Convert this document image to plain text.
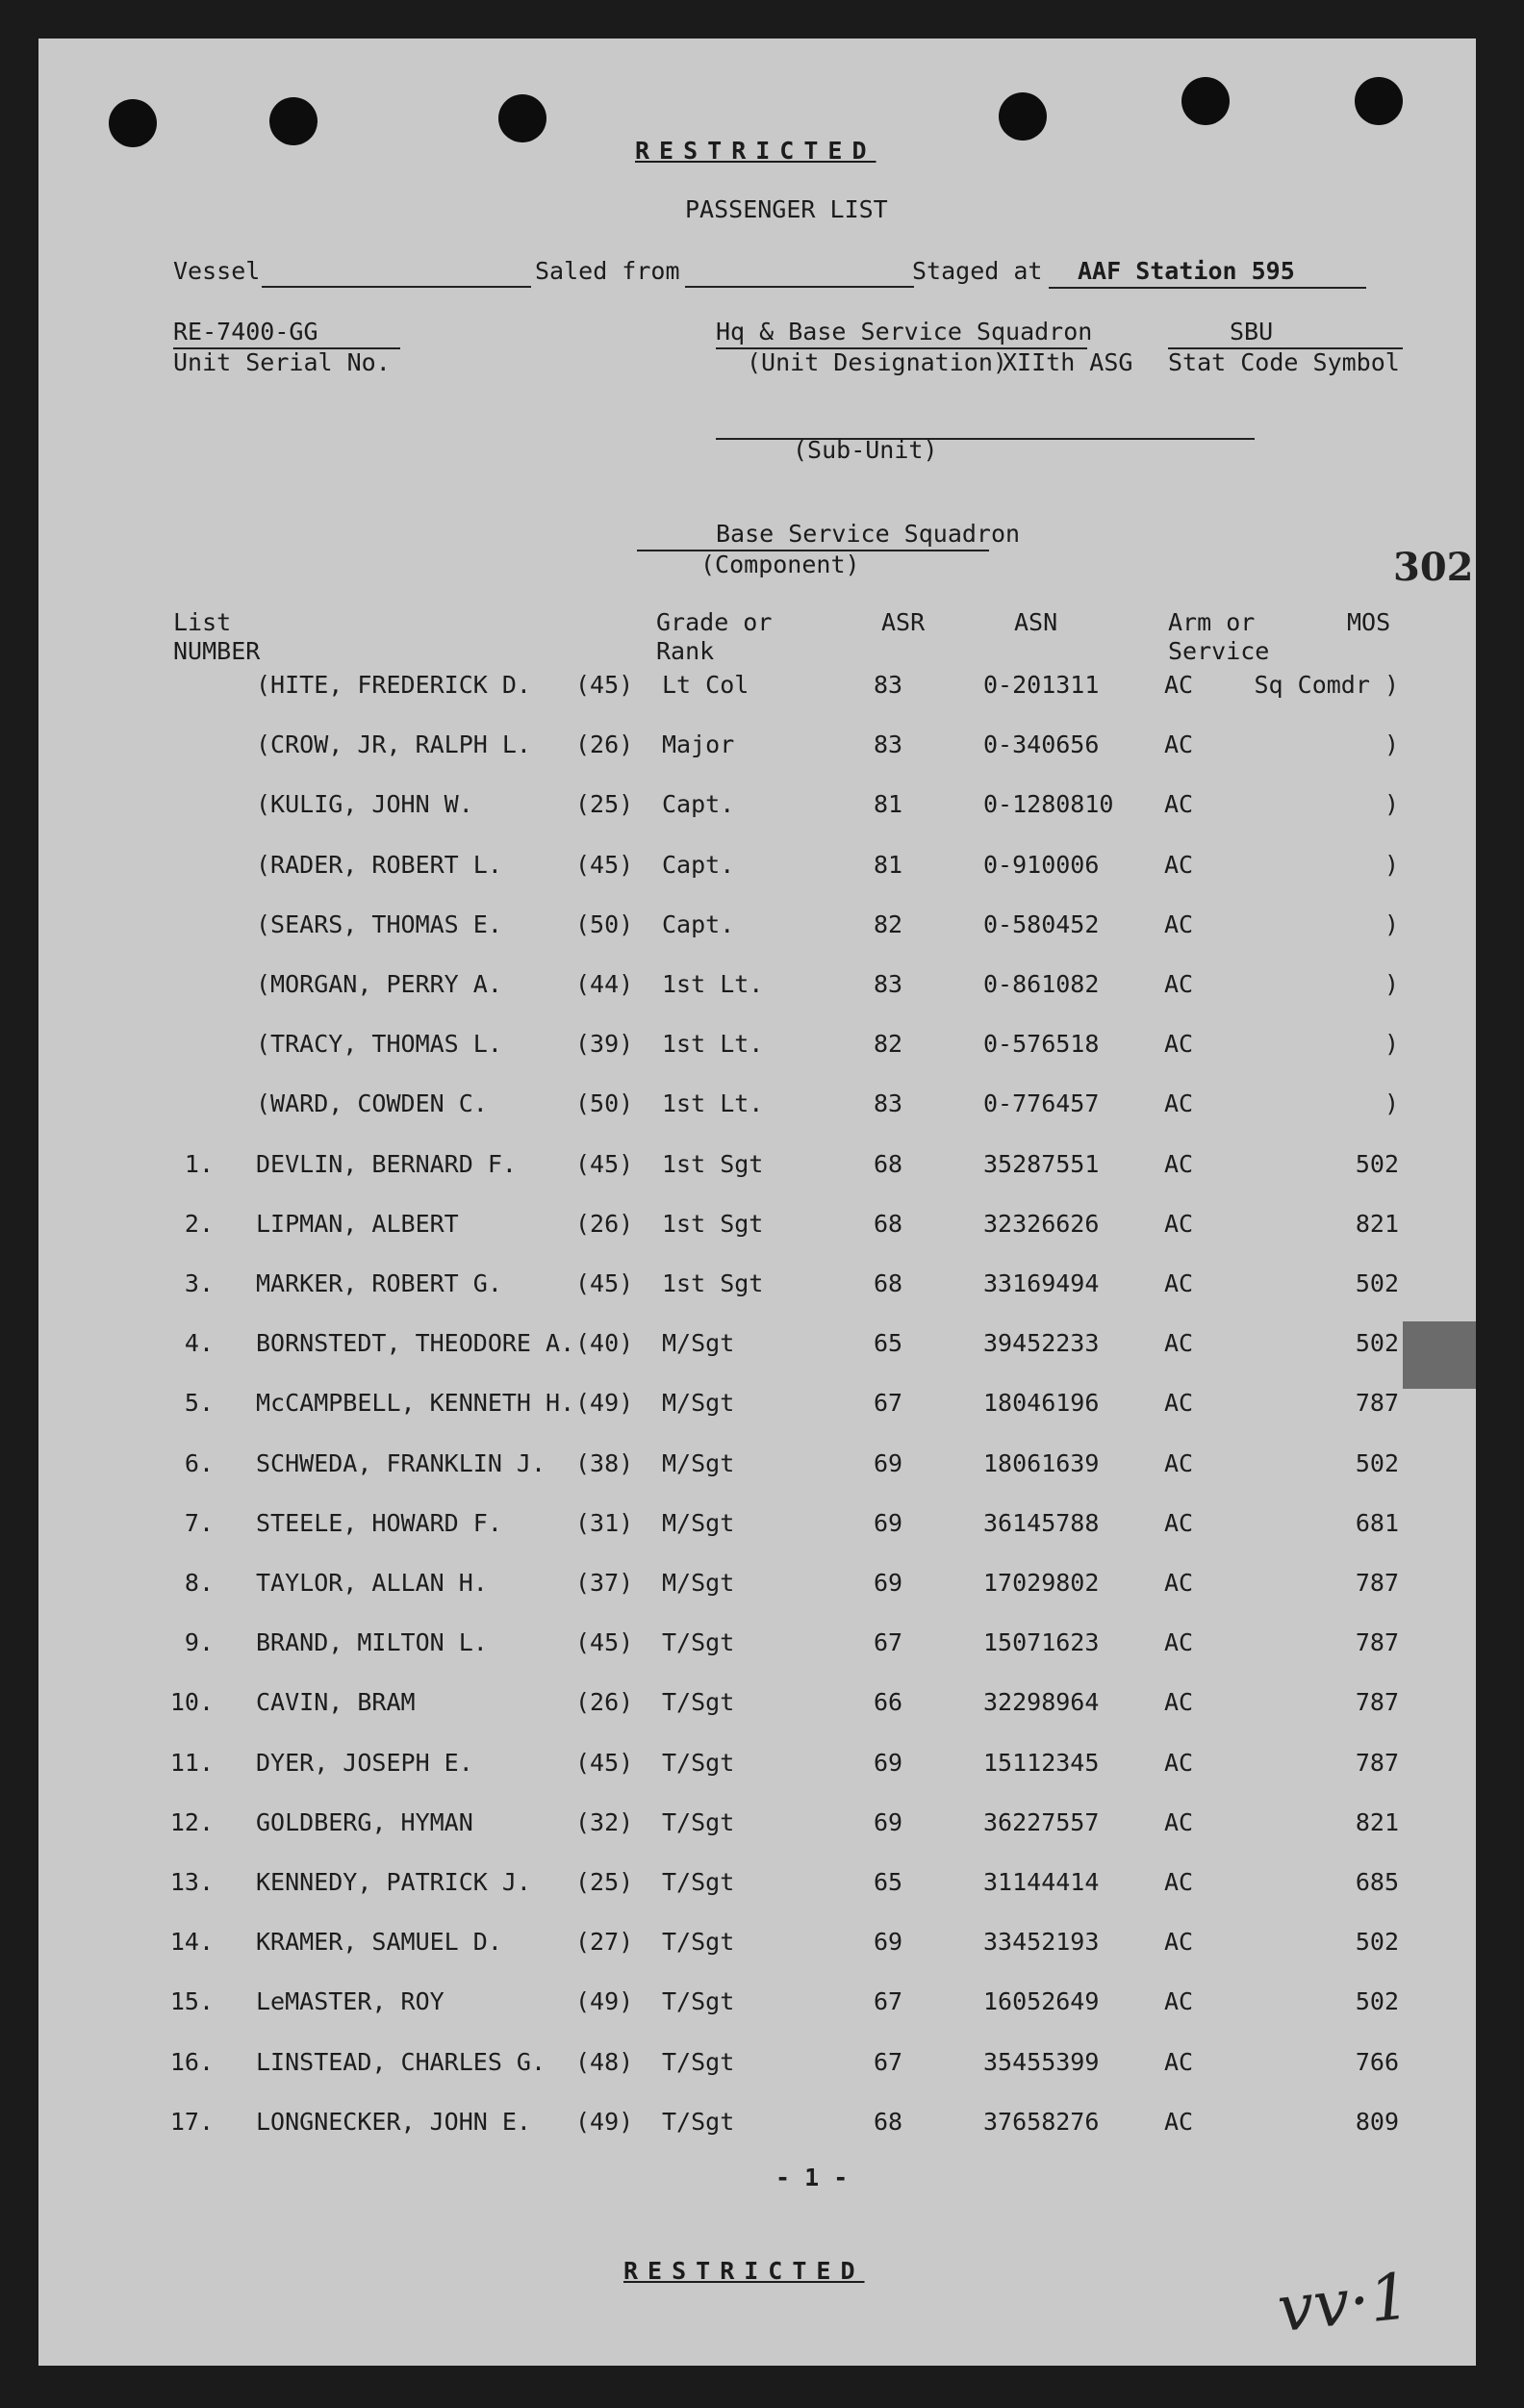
RESTRICTED
PASSENGER LIST
Vessel	Saled from	Staged at AAF Station 595
RE-7400-GG
Unit Serial No.
Hq & Base Service Squadron
(Unit Designation)
XIIth ASG
SBU
Stat Code Symbol
(Sub-Unit)
Base Service Squadron
(Component)	302
List
NUMBER
Grade or
Rank
ASR	ASN	Arm or
Service
MOS
(HITE, FREDERICK D. (45) Lt Col	83	0-201311	AC	Sq Comdr )
(CROW, JR, RALPH L. (26) Major	83	0-340656	AC	)
(KULIG, JOHN W.	(25) Capt.	81	0-1280810 AC	)
(RADER, ROBERT L.	(45) Capt.	81	0-910006	AC	)
(SEARS, THOMAS E.	(50) Capt.	82	0-580452	AC	)
(MORGAN, PERRY A.	(44) 1st Lt.	83	0-861082	AC	)
(TRACY, THOMAS L.	(39) 1st Lt.	82	0-576518	AC	)
(WARD, COWDEN C.	(50) 1st Lt.	83	0-776457	AC	)
1. DEVLIN, BERNARD F. (45) 1st Sgt	68	35287551	AC	502
2. LIPMAN, ALBERT	(26) 1st Sgt	68	32326626	AC	821
3. MARKER, ROBERT G.	(45) 1st Sgt	68	33169494	AC	502
4. BORNSTEDT, THEODORE A. (40) M/Sgt	65	39452233	AC	502
5. McCAMPBELL, KENNETH H. (49) M/Sgt	67	18046196	AC	787
6. SCHWEDA, FRANKLIN J. (38) M/Sgt	69	18061639	AC	502
7. STEELE, HOWARD F.	(31) M/Sgt	69	36145788	AC	681
8. TAYLOR, ALLAN H.	(37) M/Sgt	69	17029802	AC	787
9. BRAND, MILTON L.	(45) T/Sgt	67	15071623	AC	787
10. CAVIN, BRAM	(26) T/Sgt	66	32298964	AC	787
11. DYER, JOSEPH E.	(45) T/Sgt	69	15112345	AC	787
12. GOLDBERG, HYMAN	(32) T/Sgt	69	36227557	AC	821
13. KENNEDY, PATRICK J. (25) T/Sgt	65	31144414	AC	685
14. KRAMER, SAMUEL D.	(27) T/Sgt	69	33452193	AC	502
15. LeMASTER, ROY	(49) T/Sgt	67	16052649	AC	502
16. LINSTEAD, CHARLES G. (48) T/Sgt	67	35455399	AC	766
17. LONGNECKER, JOHN E. (49) T/Sgt	68	37658276	AC	809
- 1 -
RESTRICTED	vv·1
